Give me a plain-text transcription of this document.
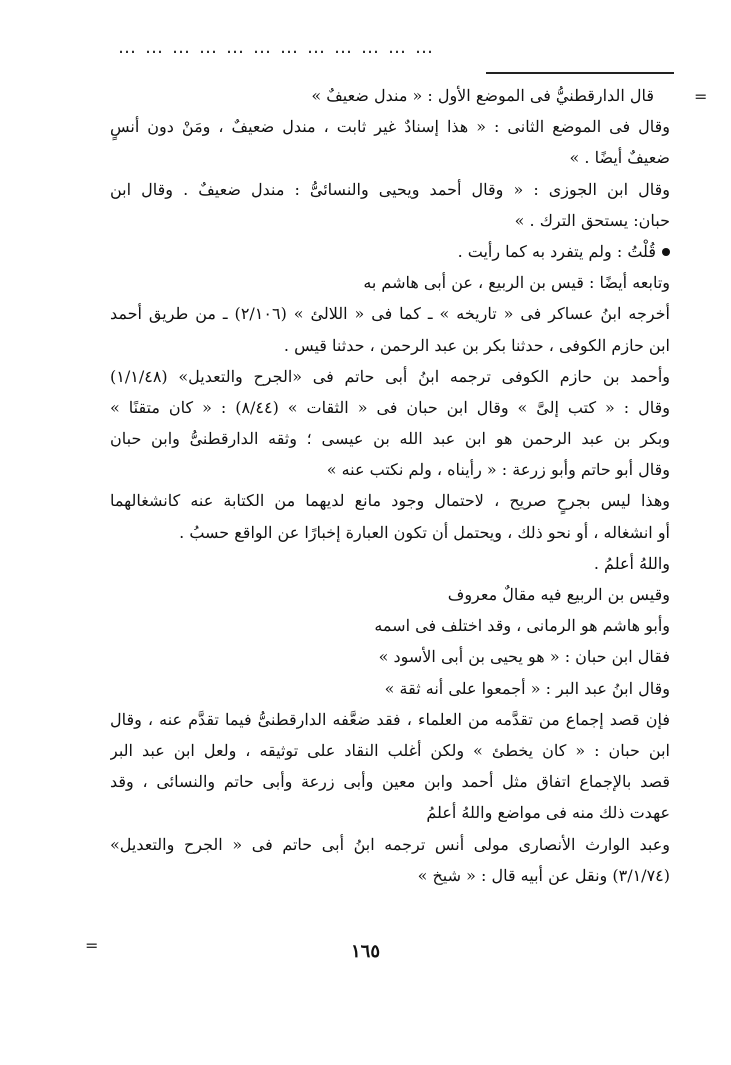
………………………………
=
=
قال الدارقطنيُّ فى الموضع الأول : « مندل ضعيفٌ »
وقال فى الموضع الثانى : « هذا إسنادٌ غير ثابت ، مندل ضعيفٌ ، ومَنْ دون أنسٍ
ضعيفٌ أيضًا . »
وقال ابن الجوزى : « وقال أحمد ويحيى والنسائىُّ : مندل ضعيفٌ . وقال ابن
حبان: يستحق الترك . »
قُلْتُ : ولم يتفرد به كما رأيت .
وتابعه أيضًا : قيس بن الربيع ، عن أبى هاشم به
أخرجه ابنُ عساكر فى « تاريخه » ـ كما فى « اللالئ » (٢/١٠٦) ـ من طريق أحمد
ابن حازم الكوفى ، حدثنا بكر بن عبد الرحمن ، حدثنا قيس .
وأحمد بن حازم الكوفى ترجمه ابنُ أبى حاتم فى «الجرح والتعديل» (١/١/٤٨)
وقال : « كتب إلىَّ » وقال ابن حبان فى « الثقات » (٨/٤٤) : « كان متقنًا »
وبكر بن عبد الرحمن هو ابن عبد الله بن عيسى ؛ وثقه الدارقطنىُّ وابن حبان
وقال أبو حاتم وأبو زرعة : « رأيناه ، ولم نكتب عنه »
وهذا ليس بجرحٍ صريح ، لاحتمال وجود مانع لديهما من الكتابة عنه كانشغالهما
أو انشغاله ، أو نحو ذلك ، ويحتمل أن تكون العبارة إخبارًا عن الواقع حسبُ .
واللهُ أعلمُ .
وقيس بن الربيع فيه مقالٌ معروف
وأبو هاشم هو الرمانى ، وقد اختلف فى اسمه
فقال ابن حبان : « هو يحيى بن أبى الأسود »
وقال ابنُ عبد البر : « أجمعوا على أنه ثقة »
فإن قصد إجماع من تقدَّمه من العلماء ، فقد ضعَّفه الدارقطنىُّ فيما تقدَّم عنه ، وقال
ابن حبان : « كان يخطئ » ولكن أغلب النقاد على توثيقه ، ولعل ابن عبد البر
قصد بالإجماع اتفاق مثل أحمد وابن معين وأبى زرعة وأبى حاتم والنسائى ، وقد
عهدت ذلك منه فى مواضع واللهُ أعلمُ
وعبد الوارث الأنصارى مولى أنس ترجمه ابنُ أبى حاتم فى « الجرح والتعديل»
(٣/١/٧٤) ونقل عن أبيه قال : « شيخ »
١٦٥
